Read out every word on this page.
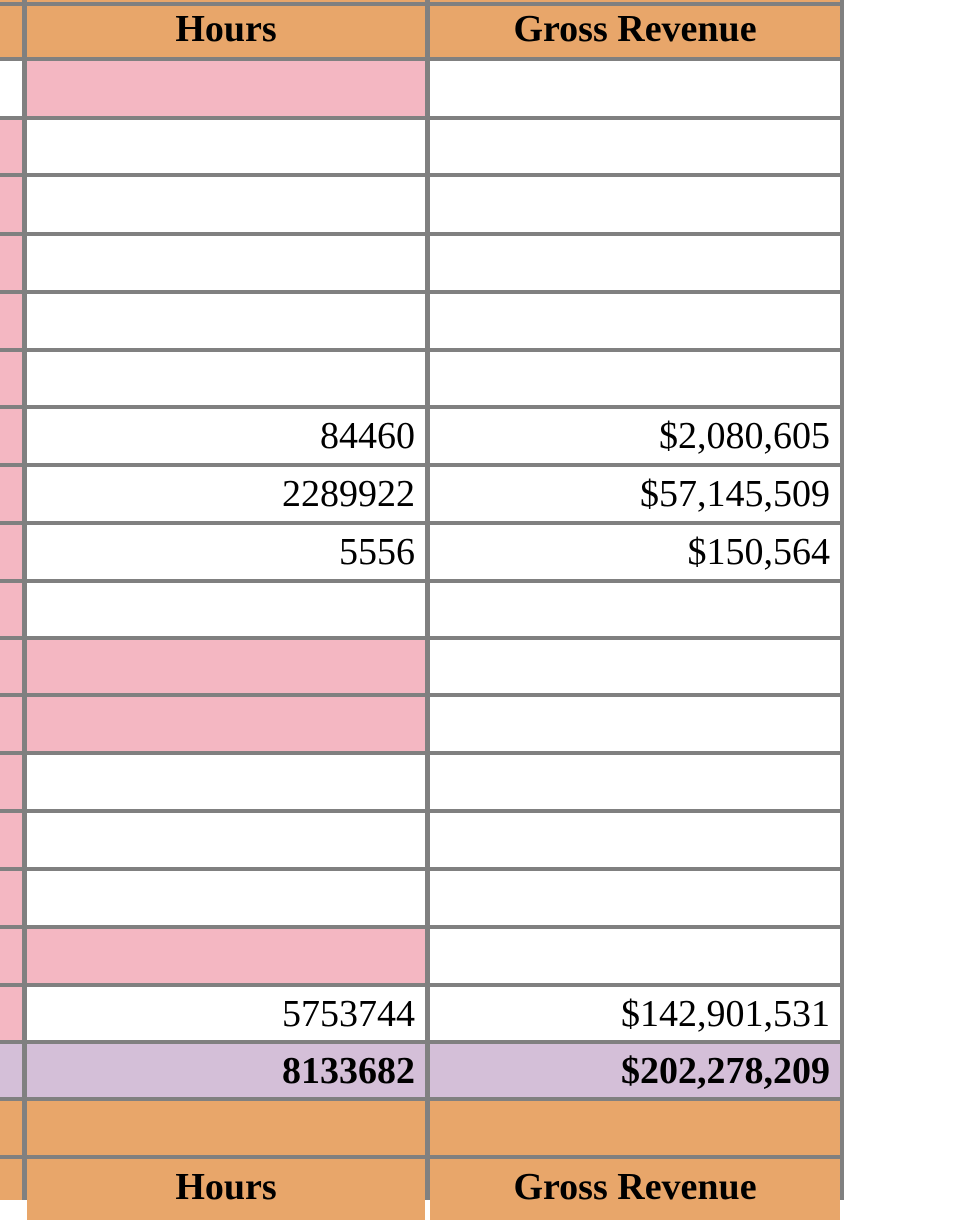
Hours	Gross Revenue
84460	$2,080,605
2289922	$57,145,509
5556	$150,564
5753744	$142,901,531
8133682	$202,278,209
Hours	Gross Revenue
